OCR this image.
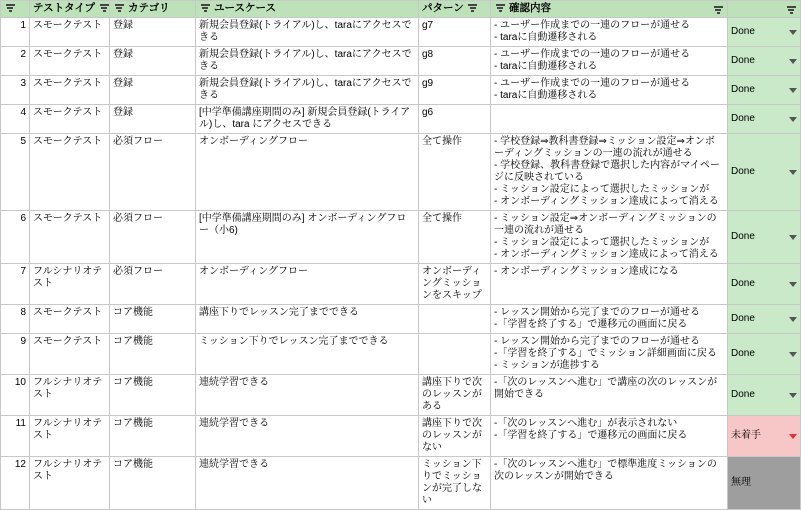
	テストタイプ	カテゴリ	ユースケース	パターン	確認内容	

1	スモークテスト	登録	新規会員登録(トライアル)し、taraにアクセスできる	g7	- ユーザー作成までの一連のフローが通せる
- taraに自動遷移される	Done

2	スモークテスト	登録	新規会員登録(トライアル)し、taraにアクセスできる	g8	- ユーザー作成までの一連のフローが通せる
- taraに自動遷移される	Done

3	スモークテスト	登録	新規会員登録(トライアル)し、taraにアクセスできる	g9	- ユーザー作成までの一連のフローが通せる
- taraに自動遷移される	Done

4	スモークテスト	登録	[中学準備講座期間のみ] 新規会員登録(トライアル)し、tara にアクセスできる	g6		Done

5	スモークテスト	必須フロー	オンボーディングフロー	全て操作	- 学校登録⇒教科書登録⇒ミッション設定⇒オンボーディングミッションの一連の流れが通せる
- 学校登録、教科書登録で選択した内容がマイページに反映されている
- ミッション設定によって選択したミッションが
- オンボーディングミッション達成によって消える	Done

6	スモークテスト	必須フロー	[中学準備講座期間のみ] オンボーディングフロー（小6)	全て操作	- ミッション設定⇒オンボーディングミッションの一連の流れが通せる
- ミッション設定によって選択したミッションが
- オンボーディングミッション達成によって消える	Done

7	フルシナリオテスト	必須フロー	オンボーディングフロー	オンボーディングミッションをスキップ	- オンボーディングミッション達成になる	Done

8	スモークテスト	コア機能	講座下りでレッスン完了までできる		- レッスン開始から完了までのフローが通せる
-「学習を終了する」で遷移元の画面に戻る	Done

9	スモークテスト	コア機能	ミッション下りでレッスン完了までできる		- レッスン開始から完了までのフローが通せる
-「学習を終了する」でミッション詳細画面に戻る
- ミッションが進捗する	Done

10	フルシナリオテスト	コア機能	連続学習できる	講座下りで次のレッスンがある	-「次のレッスンへ進む」で講座の次のレッスンが開始できる	Done

11	フルシナリオテスト	コア機能	連続学習できる	講座下りで次のレッスンがない	-「次のレッスンへ進む」が表示されない
-「学習を終了する」で遷移元の画面に戻る	未着手

12	フルシナリオテスト	コア機能	連続学習できる	ミッション下りでミッションが完了しない	-「次のレッスンへ進む」で標準進度ミッションの次のレッスンが開始できる	無理
